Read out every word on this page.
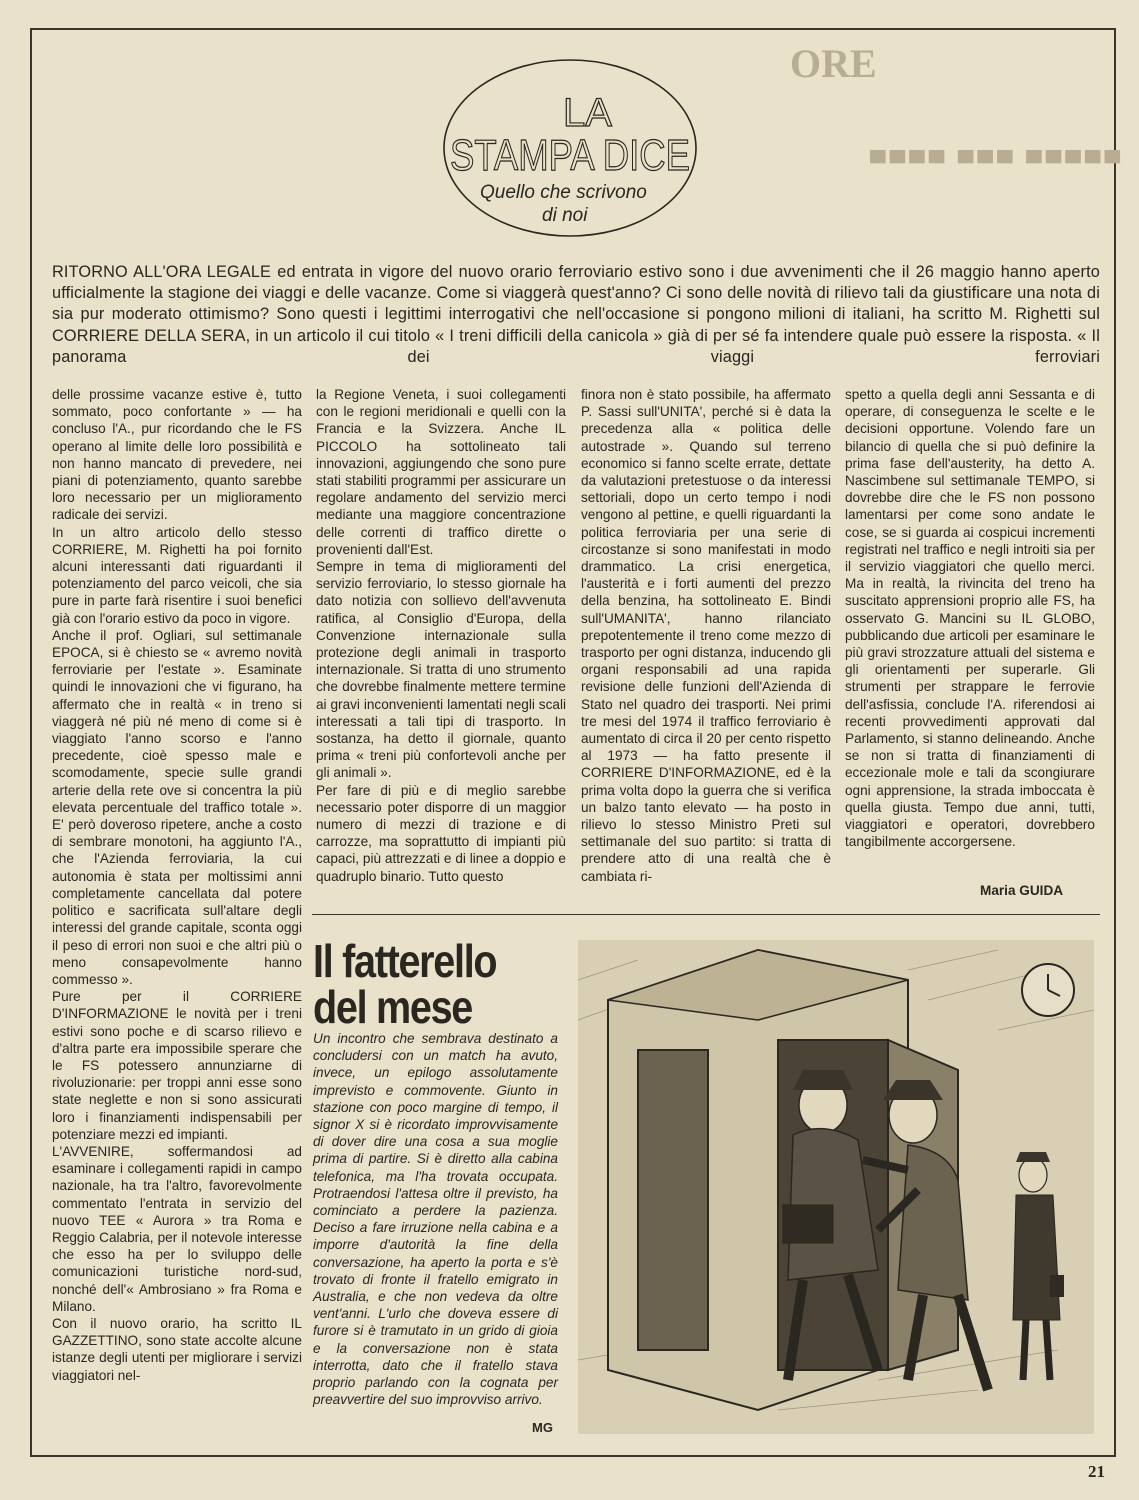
ORE
▀▀▀▀ ▀▀▀ ▀▀▀▀▀
LA
STAMPA DICE
Quello che scrivono
di noi

RITORNO ALL'ORA LEGALE ed entrata in vigore del nuovo orario ferroviario estivo sono i due avvenimenti che il 26 maggio hanno aperto ufficialmente la stagione dei viaggi e delle vacanze. Come si viaggerà quest'anno? Ci sono delle novità di rilievo tali da giustificare una nota di sia pur moderato ottimismo? Sono questi i legittimi interrogativi che nell'occasione si pongono milioni di italiani, ha scritto M. Righetti sul CORRIERE DELLA SERA, in un articolo il cui titolo « I treni difficili della canicola » già di per sé fa intendere quale può essere la risposta. « Il panorama dei viaggi ferroviari

delle prossime vacanze estive è, tutto sommato, poco confortante » — ha concluso l'A., pur ricordando che le FS operano al limite delle loro possibilità e non hanno mancato di prevedere, nei piani di potenziamento, quanto sarebbe loro necessario per un miglioramento radicale dei servizi.

In un altro articolo dello stesso CORRIERE, M. Righetti ha poi fornito alcuni interessanti dati riguardanti il potenziamento del parco veicoli, che sia pure in parte farà risentire i suoi benefici già con l'orario estivo da poco in vigore.

Anche il prof. Ogliari, sul settimanale EPOCA, si è chiesto se « avremo novità ferroviarie per l'estate ». Esaminate quindi le innovazioni che vi figurano, ha affermato che in realtà « in treno si viaggerà né più né meno di come si è viaggiato l'anno scorso e l'anno precedente, cioè spesso male e scomodamente, specie sulle grandi arterie della rete ove si concentra la più elevata percentuale del traffico totale ». E' però doveroso ripetere, anche a costo di sembrare monotoni, ha aggiunto l'A., che l'Azienda ferroviaria, la cui autonomia è stata per moltissimi anni completamente cancellata dal potere politico e sacrificata sull'altare degli interessi del grande capitale, sconta oggi il peso di errori non suoi e che altri più o meno consapevolmente hanno commesso ».

Pure per il CORRIERE D'INFORMAZIONE le novità per i treni estivi sono poche e di scarso rilievo e d'altra parte era impossibile sperare che le FS potessero annunziarne di rivoluzionarie: per troppi anni esse sono state neglette e non si sono assicurati loro i finanziamenti indispensabili per potenziare mezzi ed impianti.

L'AVVENIRE, soffermandosi ad esaminare i collegamenti rapidi in campo nazionale, ha tra l'altro, favorevolmente commentato l'entrata in servizio del nuovo TEE « Aurora » tra Roma e Reggio Calabria, per il notevole interesse che esso ha per lo sviluppo delle comunicazioni turistiche nord-sud, nonché dell'« Ambrosiano » fra Roma e Milano.

Con il nuovo orario, ha scritto IL GAZZETTINO, sono state accolte alcune istanze degli utenti per migliorare i servizi viaggiatori nel-

la Regione Veneta, i suoi collegamenti con le regioni meridionali e quelli con la Francia e la Svizzera. Anche IL PICCOLO ha sottolineato tali innovazioni, aggiungendo che sono pure stati stabiliti programmi per assicurare un regolare andamento del servizio merci mediante una maggiore concentrazione delle correnti di traffico dirette o provenienti dall'Est.

Sempre in tema di miglioramenti del servizio ferroviario, lo stesso giornale ha dato notizia con sollievo dell'avvenuta ratifica, al Consiglio d'Europa, della Convenzione internazionale sulla protezione degli animali in trasporto internazionale. Si tratta di uno strumento che dovrebbe finalmente mettere termine ai gravi inconvenienti lamentati negli scali interessati a tali tipi di trasporto. In sostanza, ha detto il giornale, quanto prima « treni più confortevoli anche per gli animali ».

Per fare di più e di meglio sarebbe necessario poter disporre di un maggior numero di mezzi di trazione e di carrozze, ma soprattutto di impianti più capaci, più attrezzati e di linee a doppio e quadruplo binario. Tutto questo

finora non è stato possibile, ha affermato P. Sassi sull'UNITA', perché si è data la precedenza alla « politica delle autostrade ». Quando sul terreno economico si fanno scelte errate, dettate da valutazioni pretestuose o da interessi settoriali, dopo un certo tempo i nodi vengono al pettine, e quelli riguardanti la politica ferroviaria per una serie di circostanze si sono manifestati in modo drammatico. La crisi energetica, l'austerità e i forti aumenti del prezzo della benzina, ha sottolineato E. Bindi sull'UMANITA', hanno rilanciato prepotentemente il treno come mezzo di trasporto per ogni distanza, inducendo gli organi responsabili ad una rapida revisione delle funzioni dell'Azienda di Stato nel quadro dei trasporti. Nei primi tre mesi del 1974 il traffico ferroviario è aumentato di circa il 20 per cento rispetto al 1973 — ha fatto presente il CORRIERE D'INFORMAZIONE, ed è la prima volta dopo la guerra che si verifica un balzo tanto elevato — ha posto in rilievo lo stesso Ministro Preti sul settimanale del suo partito: si tratta di prendere atto di una realtà che è cambiata ri-

spetto a quella degli anni Sessanta e di operare, di conseguenza le scelte e le decisioni opportune. Volendo fare un bilancio di quella che si può definire la prima fase dell'austerity, ha detto A. Nascimbene sul settimanale TEMPO, si dovrebbe dire che le FS non possono lamentarsi per come sono andate le cose, se si guarda ai cospicui incrementi registrati nel traffico e negli introiti sia per il servizio viaggiatori che quello merci. Ma in realtà, la rivincita del treno ha suscitato apprensioni proprio alle FS, ha osservato G. Mancini su IL GLOBO, pubblicando due articoli per esaminare le più gravi strozzature attuali del sistema e gli orientamenti per superarle. Gli strumenti per strappare le ferrovie dell'asfissia, conclude l'A. riferendosi ai recenti provvedimenti approvati dal Parlamento, si stanno delineando. Anche se non si tratta di finanziamenti di eccezionale mole e tali da scongiurare ogni apprensione, la strada imboccata è quella giusta. Tempo due anni, tutti, viaggiatori e operatori, dovrebbero tangibilmente accorgersene.

Maria GUIDA
Il fatterello
del mese

Un incontro che sembrava destinato a concludersi con un match ha avuto, invece, un epilogo assolutamente imprevisto e commovente. Giunto in stazione con poco margine di tempo, il signor X si è ricordato improvvisamente di dover dire una cosa a sua moglie prima di partire. Si è diretto alla cabina telefonica, ma l'ha trovata occupata. Protraendosi l'attesa oltre il previsto, ha cominciato a perdere la pazienza. Deciso a fare irruzione nella cabina e a imporre d'autorità la fine della conversazione, ha aperto la porta e s'è trovato di fronte il fratello emigrato in Australia, e che non vedeva da oltre vent'anni. L'urlo che doveva essere di furore si è tramutato in un grido di gioia e la conversazione non è stata interrotta, dato che il fratello stava proprio parlando con la cognata per preavvertire del suo improvviso arrivo.

MG
21
